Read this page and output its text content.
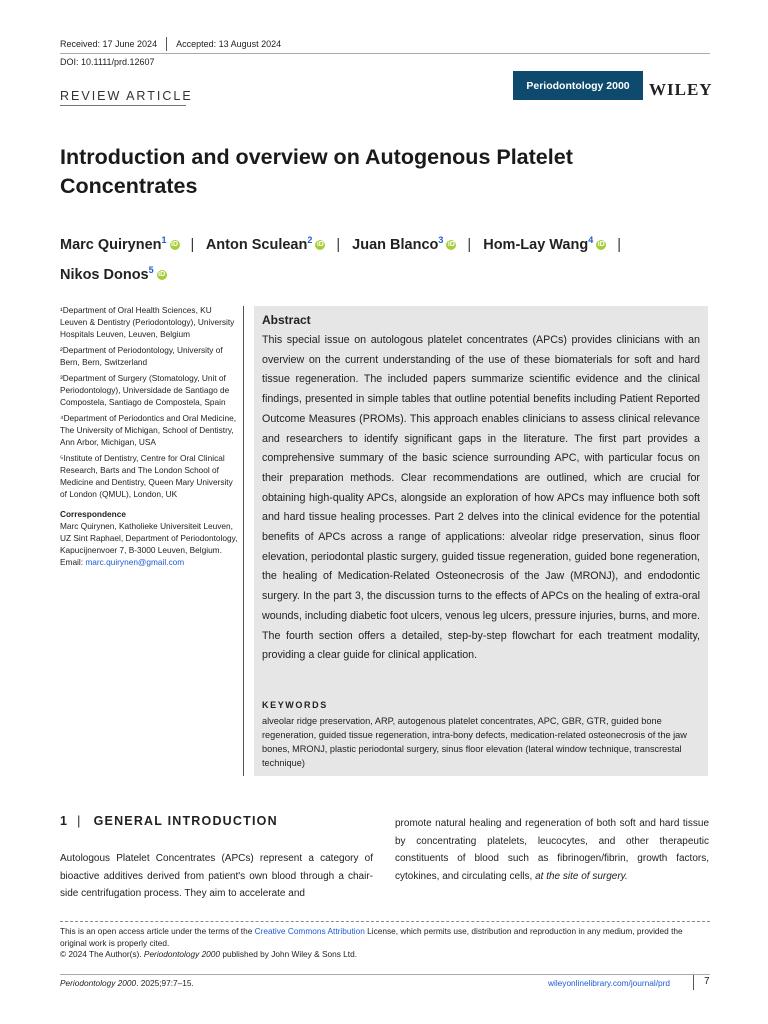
Received: 17 June 2024 Accepted: 13 August 2024
DOI: 10.1111/prd.12607
REVIEW ARTICLE
Periodontology 2000	WILEY
Introduction and overview on Autogenous Platelet Concentrates
Marc Quirynen$^1$ iD | Anton Sculean$^2$ iD | Juan Blanco$^3$ iD | Hom-Lay Wang$^4$ iD |
Nikos Donos$^5$ iD
¹Department of Oral Health Sciences, KU Leuven & Dentistry (Periodontology), University Hospitals Leuven, Leuven, Belgium
²Department of Periodontology, University of Bern, Bern, Switzerland
³Department of Surgery (Stomatology, Unit of Periodontology), Universidade de Santiago de Compostela, Santiago de Compostela, Spain
⁴Department of Periodontics and Oral Medicine, The University of Michigan, School of Dentistry, Ann Arbor, Michigan, USA
⁵Institute of Dentistry, Centre for Oral Clinical Research, Barts and The London School of Medicine and Dentistry, Queen Mary University of London (QMUL), London, UK
Correspondence
Marc Quirynen, Katholieke Universiteit Leuven, UZ Sint Raphael, Department of Periodontology, Kapucijnenvoer 7, B-3000 Leuven, Belgium.
Email: marc.quirynen@gmail.com
Abstract
This special issue on autologous platelet concentrates (APCs) provides clinicians with an overview on the current understanding of the use of these biomaterials for soft and hard tissue regeneration. The included papers summarize scientific evidence and the clinical findings, presented in simple tables that outline potential benefits including Patient Reported Outcome Measures (PROMs). This approach enables clinicians to assess clinical relevance and researchers to identify significant gaps in the literature. The first part provides a comprehensive summary of the basic science surrounding APC, with particular focus on their preparation methods. Clear recommendations are outlined, which are crucial for obtaining high-quality APCs, alongside an exploration of how APCs may influence both soft and hard tissue healing processes. Part 2 delves into the clinical evidence for the potential benefits of APCs across a range of applications: alveolar ridge preservation, sinus floor elevation, periodontal plastic surgery, guided tissue regeneration, guided bone regeneration, the healing of Medication-Related Osteonecrosis of the Jaw (MRONJ), and endodontic surgery. In the part 3, the discussion turns to the effects of APCs on the healing of extra-oral wounds, including diabetic foot ulcers, venous leg ulcers, pressure injuries, burns, and more. The fourth section offers a detailed, step-by-step flowchart for each treatment modality, providing a clear guide for clinical application.
KEYWORDS
alveolar ridge preservation, ARP, autogenous platelet concentrates, APC, GBR, GTR, guided bone regeneration, guided tissue regeneration, intra-bony defects, medication-related osteonecrosis of the jaw bones, MRONJ, plastic periodontal surgery, sinus floor elevation (lateral window technique, transcrestal technique)
1 | GENERAL INTRODUCTION
Autologous Platelet Concentrates (APCs) represent a category of bioactive additives derived from patient's own blood through a chair-side centrifugation process. They aim to accelerate and
promote natural healing and regeneration of both soft and hard tissue by concentrating platelets, leucocytes, and other therapeutic constituents of blood such as fibrinogen/fibrin, growth factors, cytokines, and circulating cells, at the site of surgery.
This is an open access article under the terms of the Creative Commons Attribution License, which permits use, distribution and reproduction in any medium, provided the original work is properly cited.
© 2024 The Author(s). Periodontology 2000 published by John Wiley & Sons Ltd.
Periodontology 2000. 2025;97:7–15.	wileyonlinelibrary.com/journal/prd	7
